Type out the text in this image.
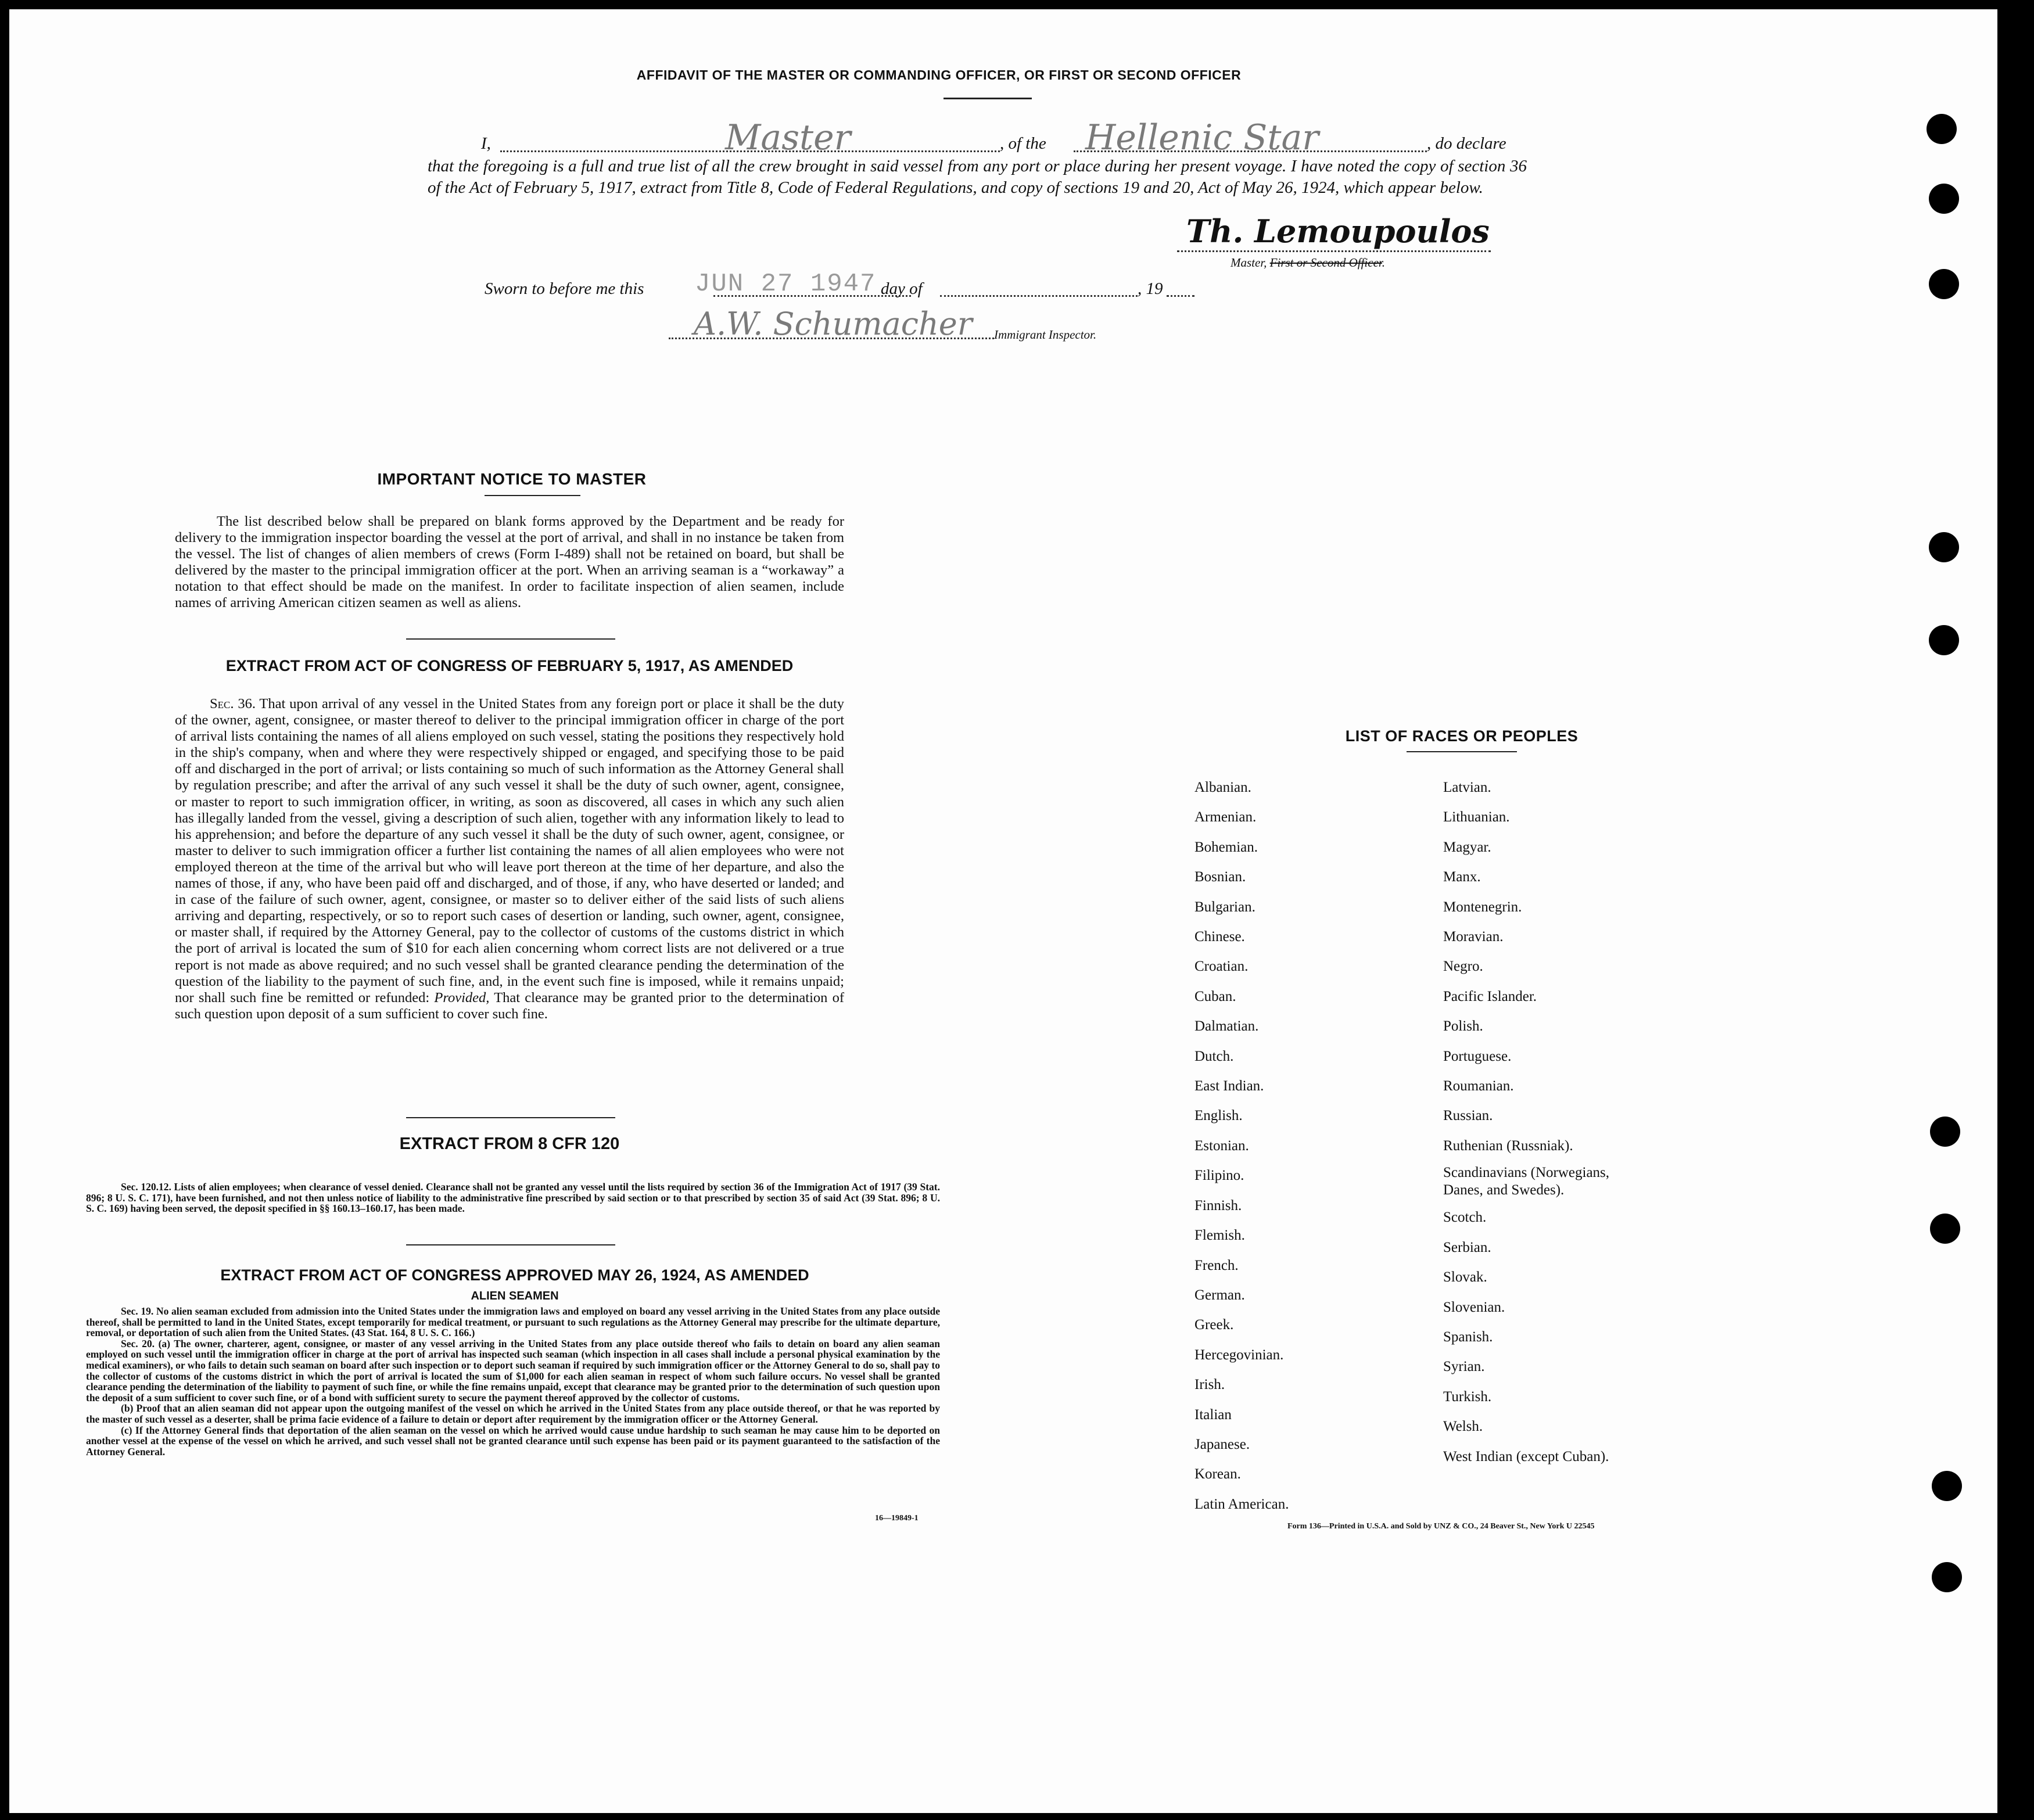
AFFIDAVIT OF THE MASTER OR COMMANDING OFFICER, OR FIRST OR SECOND OFFICER
I,	Master	, of the Hellenic Star	, do declare
that the foregoing is a full and true list of all the crew brought in said vessel from any port or place during her present voyage. I have noted the copy of section 36 of the Act of February 5, 1917, extract from Title 8, Code of Federal Regulations, and copy of sections 19 and 20, Act of May 26, 1924, which appear below.
Th. Lemoupoulos
Master, First or Second Officer.
Sworn to before me this JUN 27 1947 day of	, 19
A.W. Schumacher Immigrant Inspector.
IMPORTANT NOTICE TO MASTER
The list described below shall be prepared on blank forms approved by the Department and be ready for delivery to the immigration inspector boarding the vessel at the port of arrival, and shall in no instance be taken from the vessel. The list of changes of alien members of crews (Form I-489) shall not be retained on board, but shall be delivered by the master to the principal immigration officer at the port. When an arriving seaman is a “workaway” a notation to that effect should be made on the manifest. In order to facilitate inspection of alien seamen, include names of arriving American citizen seamen as well as aliens.
EXTRACT FROM ACT OF CONGRESS OF FEBRUARY 5, 1917, AS AMENDED
Sec. 36. That upon arrival of any vessel in the United States from any foreign port or place it shall be the duty of the owner, agent, consignee, or master thereof to deliver to the principal immigration officer in charge of the port of arrival lists containing the names of all aliens employed on such vessel, stating the positions they respectively hold in the ship's company, when and where they were respectively shipped or engaged, and specifying those to be paid off and discharged in the port of arrival; or lists containing so much of such information as the Attorney General shall by regulation prescribe; and after the arrival of any such vessel it shall be the duty of such owner, agent, consignee, or master to report to such immigration officer, in writing, as soon as discovered, all cases in which any such alien has illegally landed from the vessel, giving a description of such alien, together with any information likely to lead to his apprehension; and before the departure of any such vessel it shall be the duty of such owner, agent, consignee, or master to deliver to such immigration officer a further list containing the names of all alien employees who were not employed thereon at the time of the arrival but who will leave port thereon at the time of her departure, and also the names of those, if any, who have been paid off and discharged, and of those, if any, who have deserted or landed; and in case of the failure of such owner, agent, consignee, or master so to deliver either of the said lists of such aliens arriving and departing, respectively, or so to report such cases of desertion or landing, such owner, agent, consignee, or master shall, if required by the Attorney General, pay to the collector of customs of the customs district in which the port of arrival is located the sum of $10 for each alien concerning whom correct lists are not delivered or a true report is not made as above required; and no such vessel shall be granted clearance pending the determination of the question of the liability to the payment of such fine, and, in the event such fine is imposed, while it remains unpaid; nor shall such fine be remitted or refunded: Provided, That clearance may be granted prior to the determination of such question upon deposit of a sum sufficient to cover such fine.
EXTRACT FROM 8 CFR 120
Sec. 120.12. Lists of alien employees; when clearance of vessel denied. Clearance shall not be granted any vessel until the lists required by section 36 of the Immigration Act of 1917 (39 Stat. 896; 8 U. S. C. 171), have been furnished, and not then unless notice of liability to the administrative fine prescribed by said section or to that prescribed by section 35 of said Act (39 Stat. 896; 8 U. S. C. 169) having been served, the deposit specified in §§ 160.13–160.17, has been made.
EXTRACT FROM ACT OF CONGRESS APPROVED MAY 26, 1924, AS AMENDED
ALIEN SEAMEN
Sec. 19. No alien seaman excluded from admission into the United States under the immigration laws and employed on board any vessel arriving in the United States from any place outside thereof, shall be permitted to land in the United States, except temporarily for medical treatment, or pursuant to such regulations as the Attorney General may prescribe for the ultimate departure, removal, or deportation of such alien from the United States. (43 Stat. 164, 8 U. S. C. 166.)
Sec. 20. (a) The owner, charterer, agent, consignee, or master of any vessel arriving in the United States from any place outside thereof who fails to detain on board any alien seaman employed on such vessel until the immigration officer in charge at the port of arrival has inspected such seaman (which inspection in all cases shall include a personal physical examination by the medical examiners), or who fails to detain such seaman on board after such inspection or to deport such seaman if required by such immigration officer or the Attorney General to do so, shall pay to the collector of customs of the customs district in which the port of arrival is located the sum of $1,000 for each alien seaman in respect of whom such failure occurs. No vessel shall be granted clearance pending the determination of the liability to payment of such fine, or while the fine remains unpaid, except that clearance may be granted prior to the determination of such question upon the deposit of a sum sufficient to cover such fine, or of a bond with sufficient surety to secure the payment thereof approved by the collector of customs.
(b) Proof that an alien seaman did not appear upon the outgoing manifest of the vessel on which he arrived in the United States from any place outside thereof, or that he was reported by the master of such vessel as a deserter, shall be prima facie evidence of a failure to detain or deport after requirement by the immigration officer or the Attorney General.
(c) If the Attorney General finds that deportation of the alien seaman on the vessel on which he arrived would cause undue hardship to such seaman he may cause him to be deported on another vessel at the expense of the vessel on which he arrived, and such vessel shall not be granted clearance until such expense has been paid or its payment guaranteed to the satisfaction of the Attorney General.
16—19849-1
LIST OF RACES OR PEOPLES
Albanian.
Armenian.
Bohemian.
Bosnian.
Bulgarian.
Chinese.
Croatian.
Cuban.
Dalmatian.
Dutch.
East Indian.
English.
Estonian.
Filipino.
Finnish.
Flemish.
French.
German.
Greek.
Hercegovinian.
Irish.
Italian
Japanese.
Korean.
Latin American.
Latvian.
Lithuanian.
Magyar.
Manx.
Montenegrin.
Moravian.
Negro.
Pacific Islander.
Polish.
Portuguese.
Roumanian.
Russian.
Ruthenian (Russniak).
Scandinavians (Norwegians, Danes, and Swedes).
Scotch.
Serbian.
Slovak.
Slovenian.
Spanish.
Syrian.
Turkish.
Welsh.
West Indian (except Cuban).
Form 136—Printed in U.S.A. and Sold by UNZ & CO., 24 Beaver St., New York U 22545
